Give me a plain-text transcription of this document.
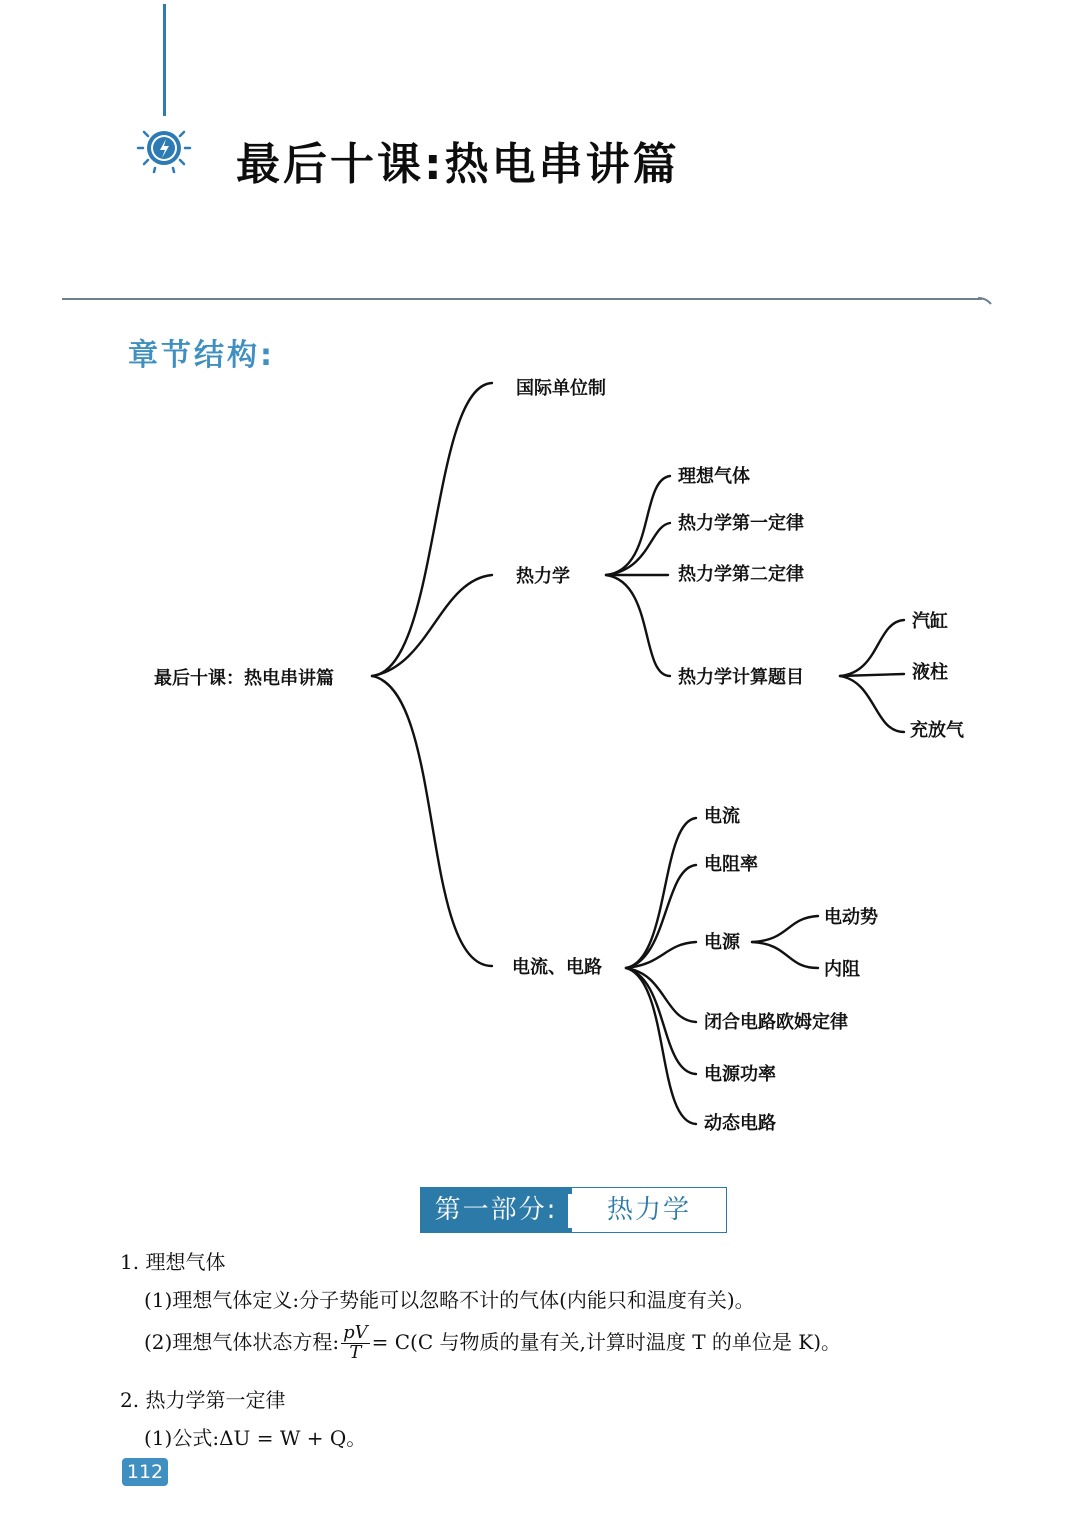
最后十课:热电串讲篇
章节结构:
最后十课：热电串讲篇
国际单位制
热力学
理想气体
热力学第一定律
热力学第二定律
热力学计算题目
汽缸
液柱
充放气
电流、电路
电流
电阻率
电源
电动势
内阻
闭合电路欧姆定律
电源功率
动态电路
第一部分:	热力学
1. 理想气体
(1)理想气体定义:分子势能可以忽略不计的气体(内能只和温度有关)。
(2)理想气体状态方程: $\frac{pV}{T} = C(C$ 与物质的量有关,计算时温度 T 的单位是 K)。
2. 热力学第一定律
(1)公式:ΔU = W + Q。
112
